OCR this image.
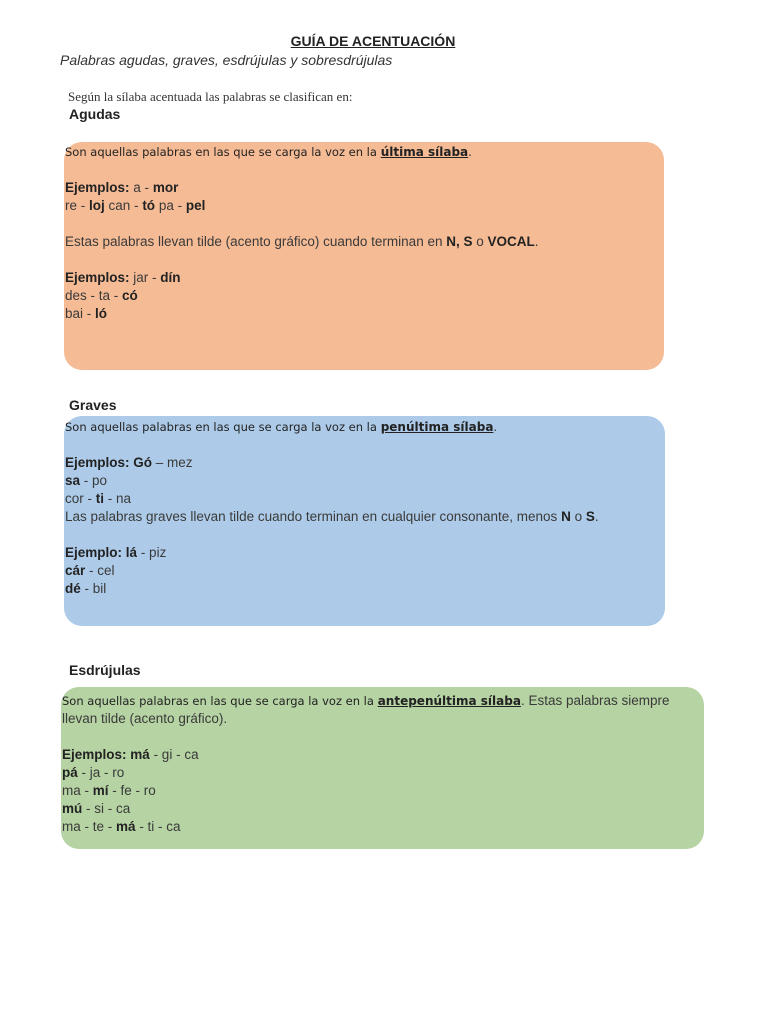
GUÍA DE ACENTUACIÓN
Palabras agudas, graves, esdrújulas y sobresdrújulas
Según la sílaba acentuada las palabras se clasifican en:
Agudas
Son aquellas palabras en las que se carga la voz en la última sílaba.
Ejemplos: a - mor
re - loj can - tó pa - pel
Estas palabras llevan tilde (acento gráfico) cuando terminan en N, S o VOCAL.
Ejemplos: jar - dín
des - ta - có
bai - ló
Graves
Son aquellas palabras en las que se carga la voz en la penúltima sílaba.
Ejemplos: Gó – mez
sa - po
cor - ti - na
Las palabras graves llevan tilde cuando terminan en cualquier consonante, menos N o S.
Ejemplo: lá - piz
cár - cel
dé - bil
Esdrújulas
Son aquellas palabras en las que se carga la voz en la antepenúltima sílaba. Estas palabras siempre
llevan tilde (acento gráfico).
Ejemplos: má - gi - ca
pá - ja - ro
ma - mí - fe - ro
mú - si - ca
ma - te - má - ti - ca
